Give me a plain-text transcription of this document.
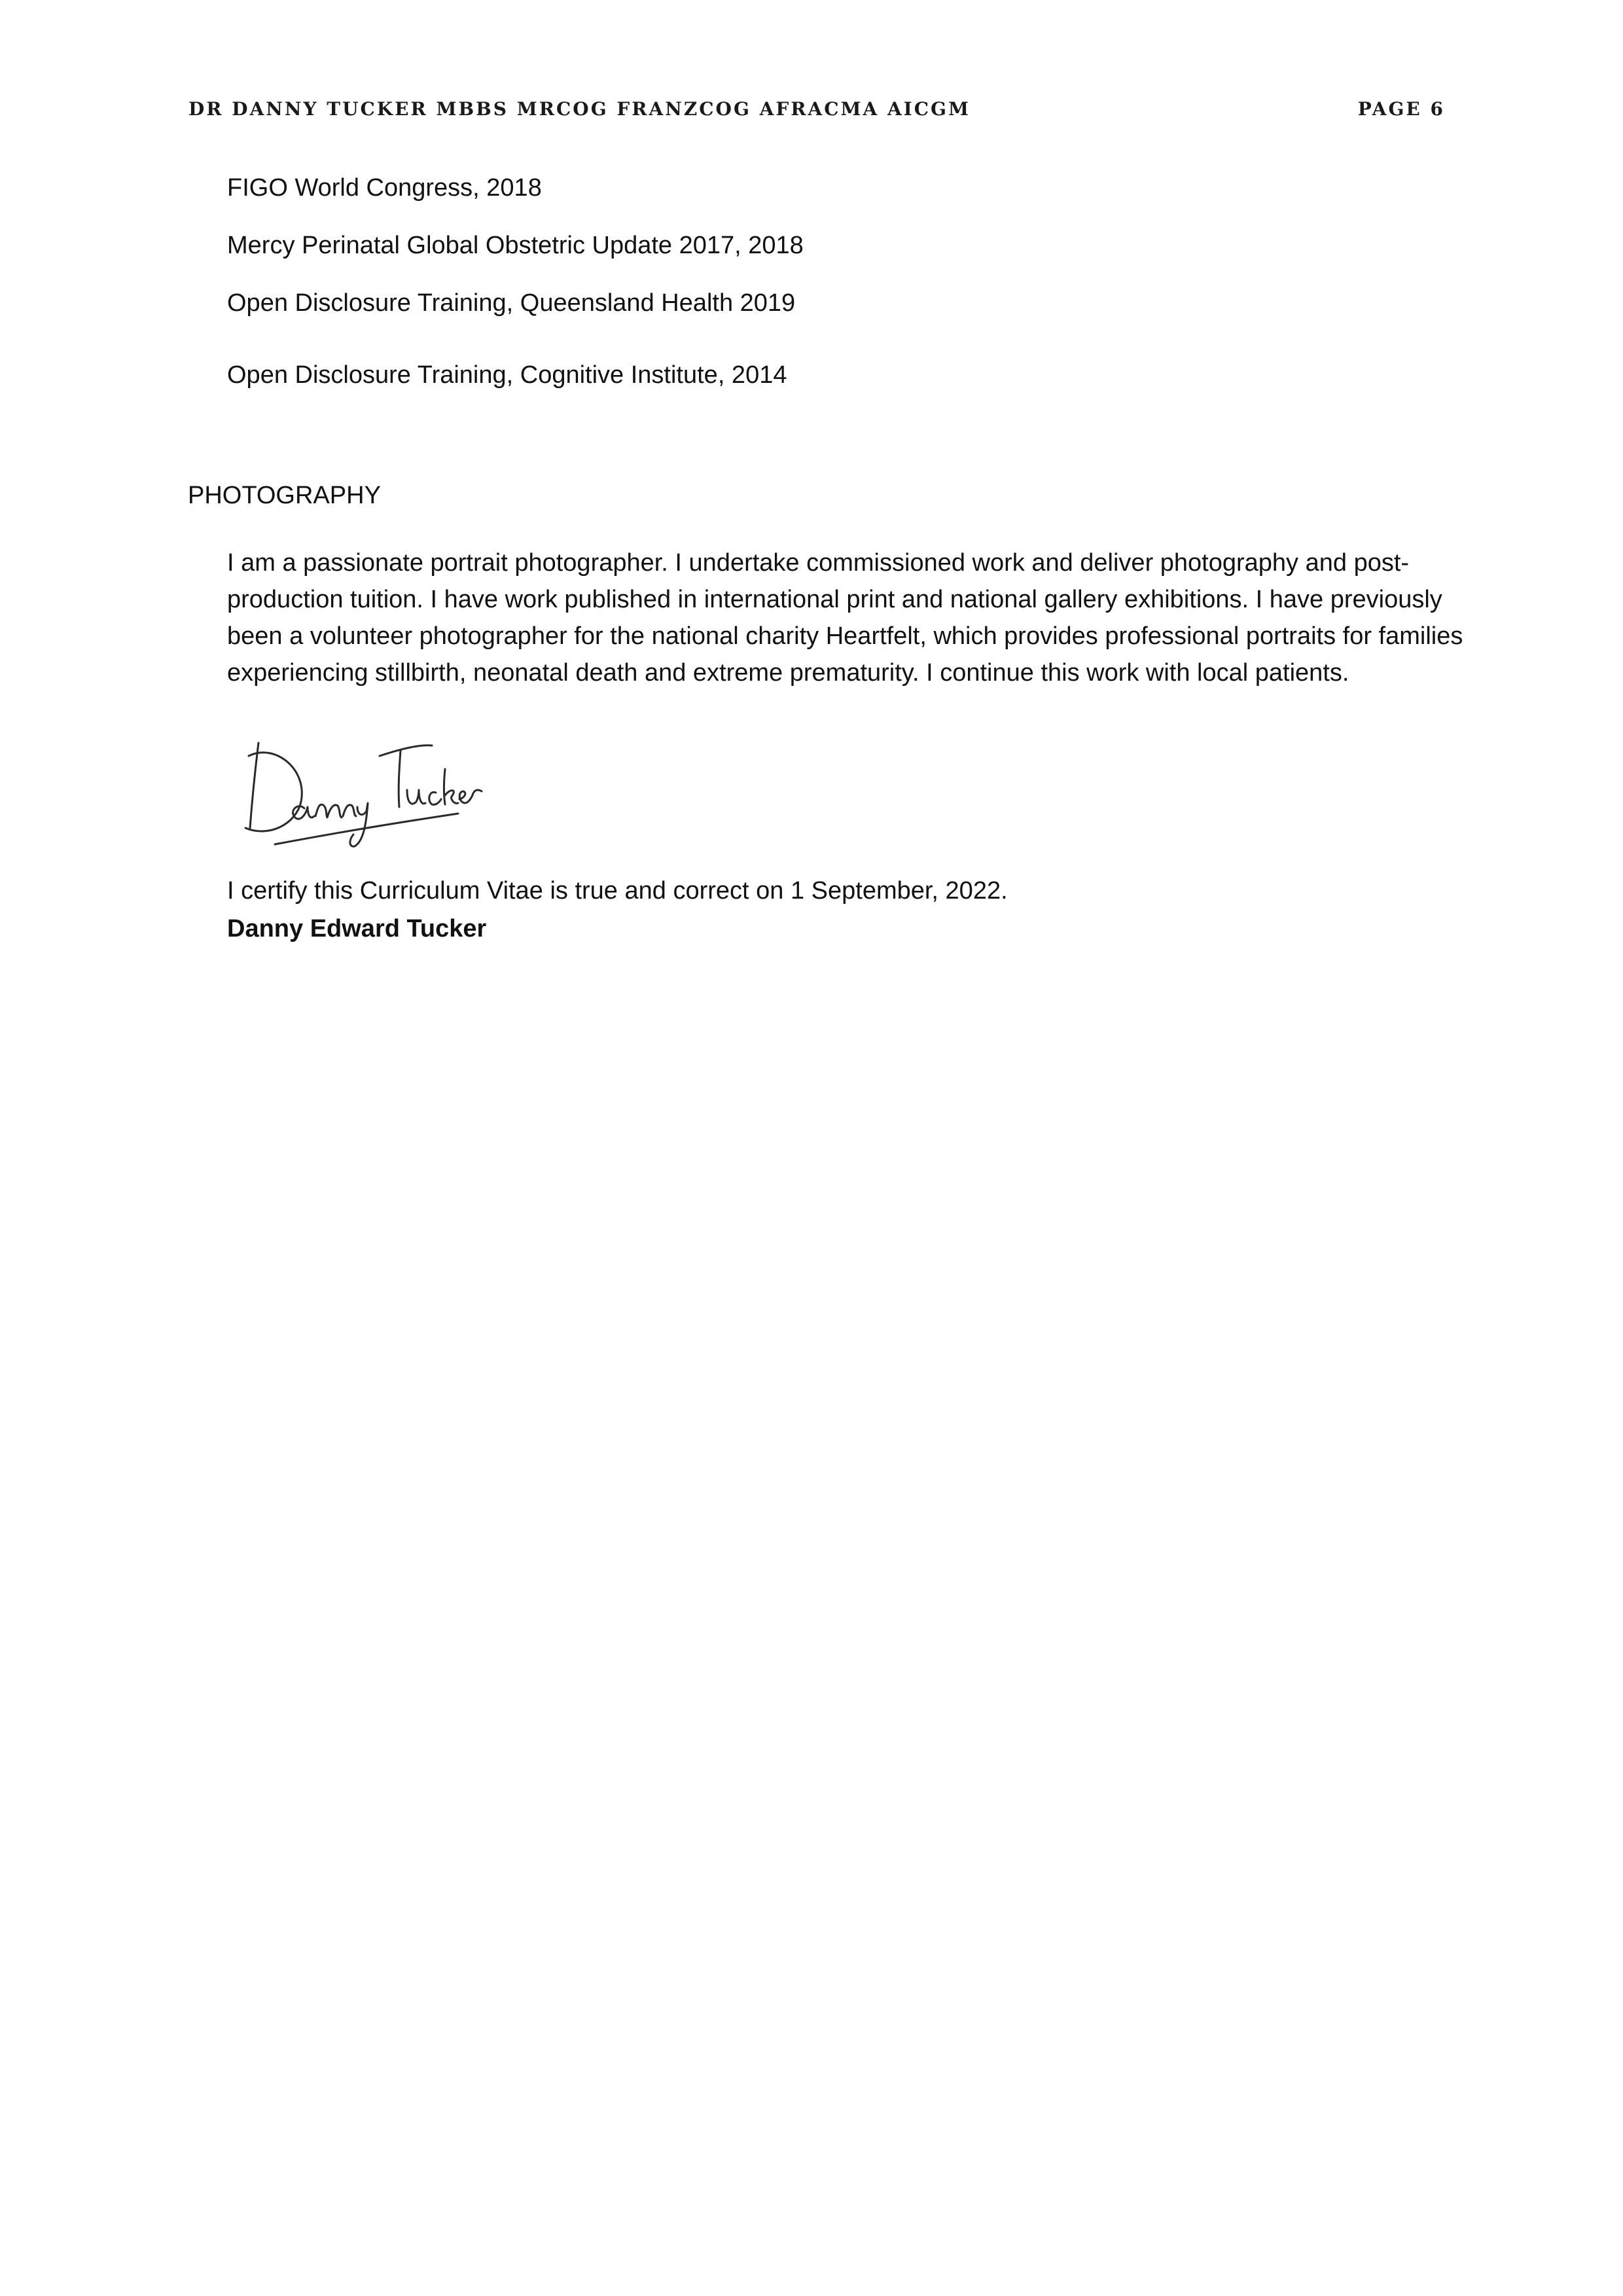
DR DANNY TUCKER MBBS MRCOG FRANZCOG AFRACMA AICGM	PAGE 6
FIGO World Congress, 2018
Mercy Perinatal Global Obstetric Update 2017, 2018
Open Disclosure Training, Queensland Health 2019
Open Disclosure Training, Cognitive Institute, 2014
PHOTOGRAPHY
I am a passionate portrait photographer. I undertake commissioned work and deliver photography and post-production tuition. I have work published in international print and national gallery exhibitions. I have previously been a volunteer photographer for the national charity Heartfelt, which provides professional portraits for families experiencing stillbirth, neonatal death and extreme prematurity. I continue this work with local patients.
I certify this Curriculum Vitae is true and correct on 1 September, 2022.
Danny Edward Tucker
